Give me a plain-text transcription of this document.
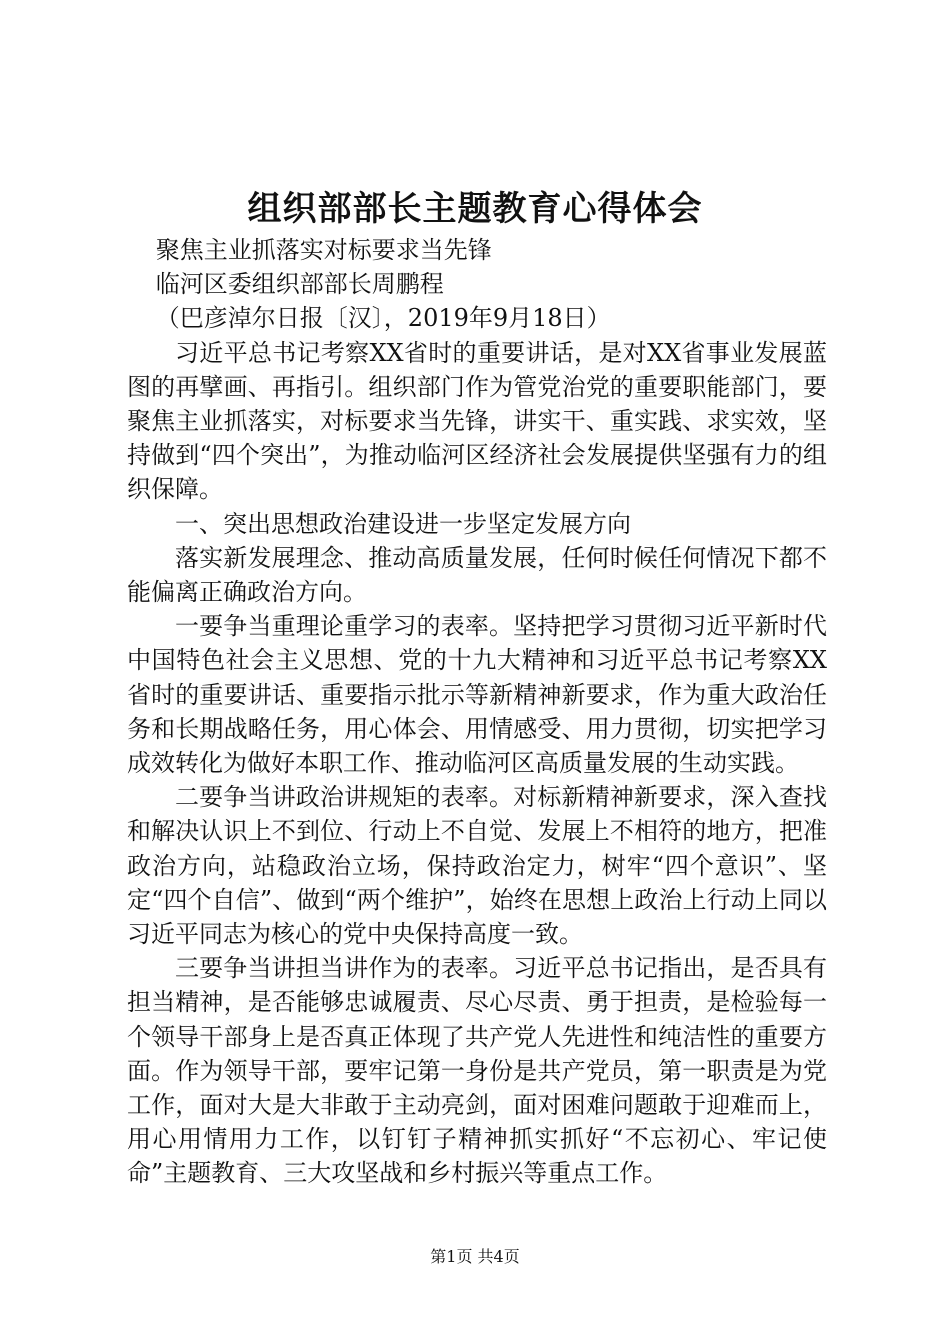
组织部部长主题教育心得体会

聚焦主业抓落实对标要求当先锋

临河区委组织部部长周鹏程

（巴彦淖尔日报〔汉〕，2019年9月18日）

习近平总书记考察XX省时的重要讲话，是对XX省事业发展蓝图的再擘画、再指引。组织部门作为管党治党的重要职能部门，要聚焦主业抓落实，对标要求当先锋，讲实干、重实践、求实效，坚持做到“四个突出”，为推动临河区经济社会发展提供坚强有力的组织保障。

一、突出思想政治建设进一步坚定发展方向

落实新发展理念、推动高质量发展，任何时候任何情况下都不能偏离正确政治方向。

一要争当重理论重学习的表率。坚持把学习贯彻习近平新时代中国特色社会主义思想、党的十九大精神和习近平总书记考察XX省时的重要讲话、重要指示批示等新精神新要求，作为重大政治任务和长期战略任务，用心体会、用情感受、用力贯彻，切实把学习成效转化为做好本职工作、推动临河区高质量发展的生动实践。

二要争当讲政治讲规矩的表率。对标新精神新要求，深入查找和解决认识上不到位、行动上不自觉、发展上不相符的地方，把准政治方向，站稳政治立场，保持政治定力，树牢“四个意识”、坚定“四个自信”、做到“两个维护”，始终在思想上政治上行动上同以习近平同志为核心的党中央保持高度一致。

三要争当讲担当讲作为的表率。习近平总书记指出，是否具有担当精神，是否能够忠诚履责、尽心尽责、勇于担责，是检验每一个领导干部身上是否真正体现了共产党人先进性和纯洁性的重要方面。作为领导干部，要牢记第一身份是共产党员，第一职责是为党工作，面对大是大非敢于主动亮剑，面对困难问题敢于迎难而上，用心用情用力工作，以钉钉子精神抓实抓好“不忘初心、牢记使命”主题教育、三大攻坚战和乡村振兴等重点工作。

第1页 共4页
